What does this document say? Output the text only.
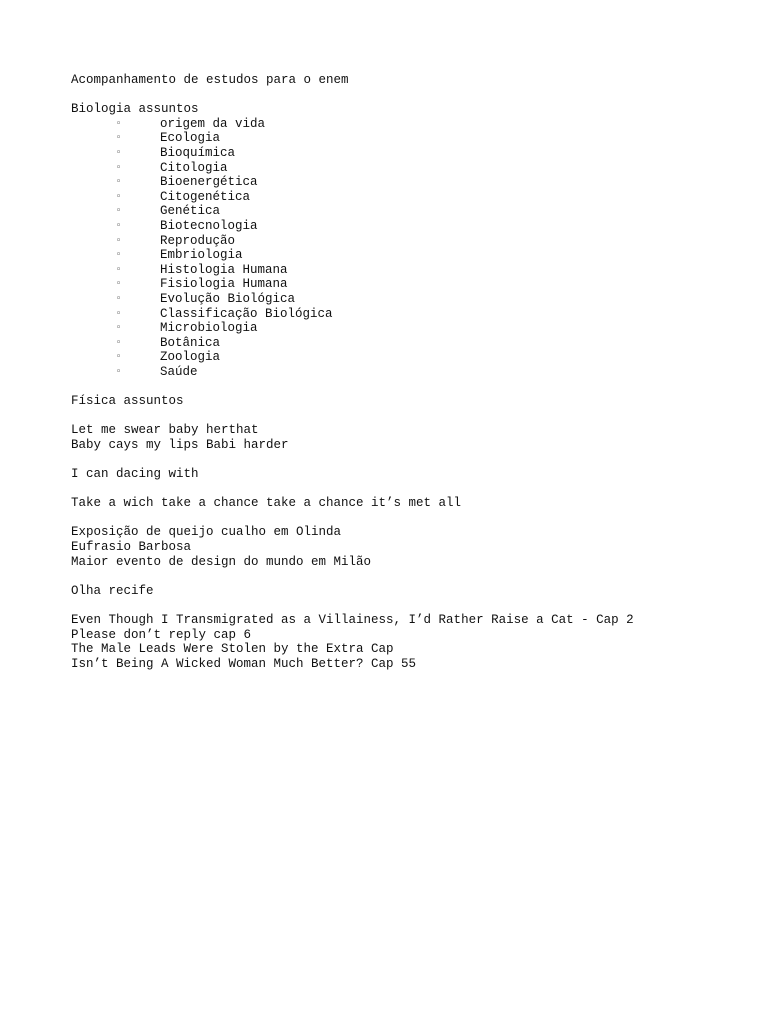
Acompanhamento de estudos para o enem
Biologia assuntos
◦	origem da vida
◦	Ecologia
◦	Bioquímica
◦	Citologia
◦	Bioenergética
◦	Citogenética
◦	Genética
◦	Biotecnologia
◦	Reprodução
◦	Embriologia
◦	Histologia Humana
◦	Fisiologia Humana
◦	Evolução Biológica
◦	Classificação Biológica
◦	Microbiologia
◦	Botânica
◦	Zoologia
◦	Saúde
Física assuntos
Let me swear baby herthat
Baby cays my lips Babi harder
I can dacing with
Take a wich take a chance take a chance it’s met all
Exposição de queijo cualho em Olinda
Eufrasio Barbosa
Maior evento de design do mundo em Milão
Olha recife
Even Though I Transmigrated as a Villainess, I’d Rather Raise a Cat - Cap 2
Please don’t reply cap 6
The Male Leads Were Stolen by the Extra Cap
Isn’t Being A Wicked Woman Much Better? Cap 55
